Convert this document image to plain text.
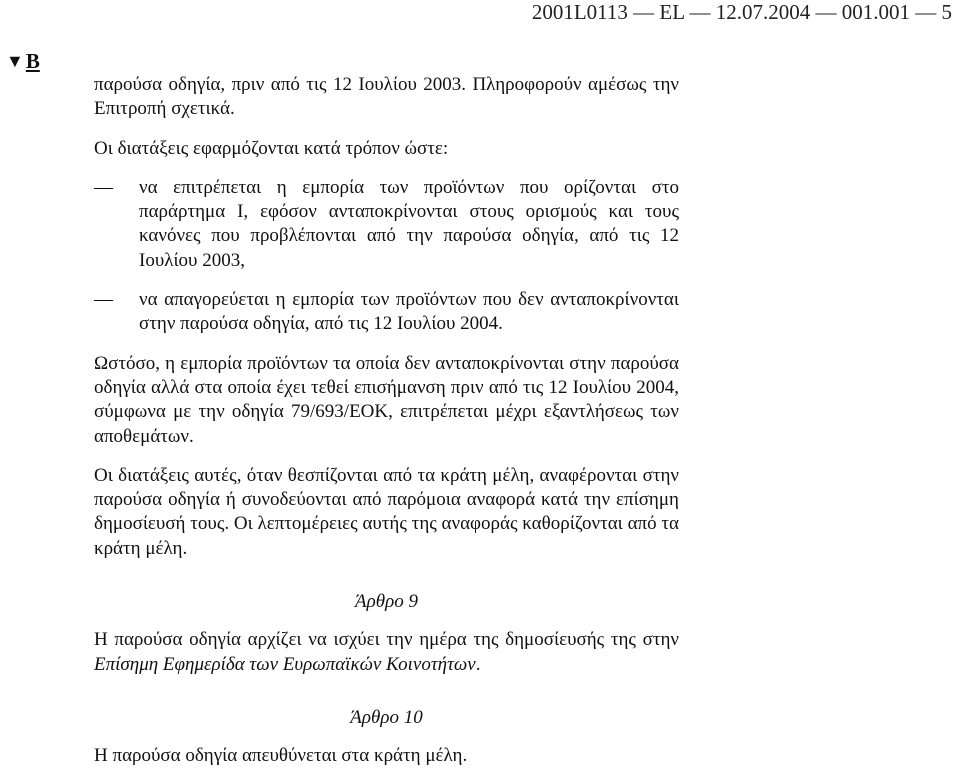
2001L0113 — EL — 12.07.2004 — 001.001 — 5
▼B

παρούσα οδηγία, πριν από τις 12 Ιουλίου 2003. Πληροφορούν αμέσως την Επιτροπή σχετικά.

Οι διατάξεις εφαρμόζονται κατά τρόπον ώστε:

—	να επιτρέπεται η εμπορία των προϊόντων που ορίζονται στο παράρτημα Ι, εφόσον ανταποκρίνονται στους ορισμούς και τους κανόνες που προβλέπονται από την παρούσα οδηγία, από τις 12 Ιουλίου 2003,
—	να απαγορεύεται η εμπορία των προϊόντων που δεν ανταποκρίνονται στην παρούσα οδηγία, από τις 12 Ιουλίου 2004.

Ωστόσο, η εμπορία προϊόντων τα οποία δεν ανταποκρίνονται στην παρούσα οδηγία αλλά στα οποία έχει τεθεί επισήμανση πριν από τις 12 Ιουλίου 2004, σύμφωνα με την οδηγία 79/693/ΕΟΚ, επιτρέπεται μέχρι εξαντλήσεως των αποθεμάτων.

Οι διατάξεις αυτές, όταν θεσπίζονται από τα κράτη μέλη, αναφέρονται στην παρούσα οδηγία ή συνοδεύονται από παρόμοια αναφορά κατά την επίσημη δημοσίευσή τους. Οι λεπτομέρειες αυτής της αναφοράς καθορίζονται από τα κράτη μέλη.

Άρθρο 9

Η παρούσα οδηγία αρχίζει να ισχύει την ημέρα της δημοσίευσής της στην Επίσημη Εφημερίδα των Ευρωπαϊκών Κοινοτήτων.

Άρθρο 10

Η παρούσα οδηγία απευθύνεται στα κράτη μέλη.
